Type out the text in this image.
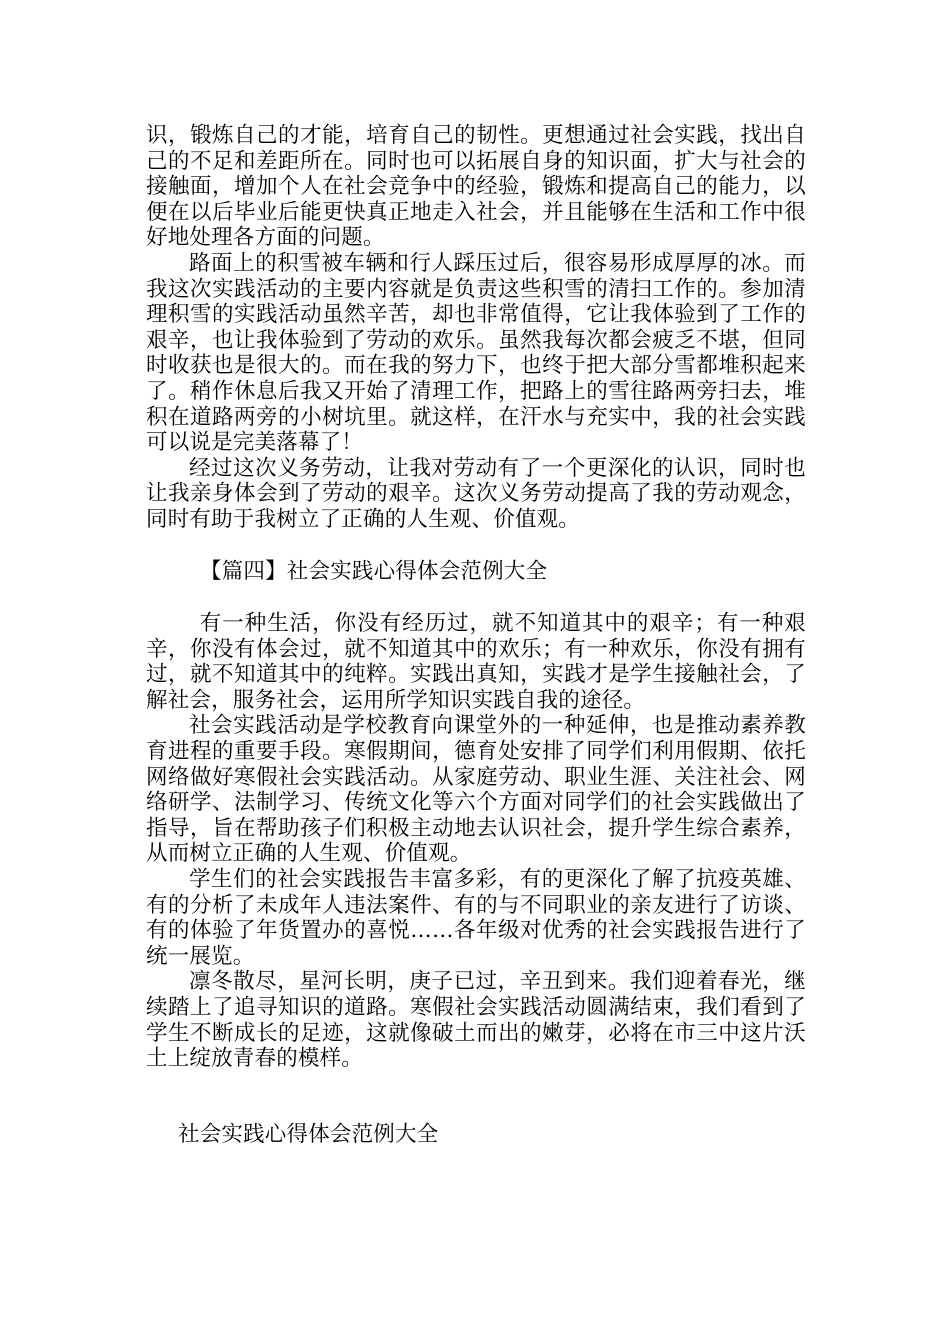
识，锻炼自己的才能，培育自己的韧性。更想通过社会实践，找出自己的不足和差距所在。同时也可以拓展自身的知识面，扩大与社会的接触面，增加个人在社会竞争中的经验，锻炼和提高自己的能力，以便在以后毕业后能更快真正地走入社会，并且能够在生活和工作中很好地处理各方面的问题。

路面上的积雪被车辆和行人踩压过后，很容易形成厚厚的冰。而我这次实践活动的主要内容就是负责这些积雪的清扫工作的。参加清理积雪的实践活动虽然辛苦，却也非常值得，它让我体验到了工作的艰辛，也让我体验到了劳动的欢乐。虽然我每次都会疲乏不堪，但同时收获也是很大的。而在我的努力下，也终于把大部分雪都堆积起来了。稍作休息后我又开始了清理工作，把路上的雪往路两旁扫去，堆积在道路两旁的小树坑里。就这样，在汗水与充实中，我的社会实践可以说是完美落幕了！

经过这次义务劳动，让我对劳动有了一个更深化的认识，同时也让我亲身体会到了劳动的艰辛。这次义务劳动提高了我的劳动观念，同时有助于我树立了正确的人生观、价值观。

【篇四】社会实践心得体会范例大全

有一种生活，你没有经历过，就不知道其中的艰辛；有一种艰辛，你没有体会过，就不知道其中的欢乐；有一种欢乐，你没有拥有过，就不知道其中的纯粹。实践出真知，实践才是学生接触社会，了解社会，服务社会，运用所学知识实践自我的途径。

社会实践活动是学校教育向课堂外的一种延伸，也是推动素养教育进程的重要手段。寒假期间，德育处安排了同学们利用假期、依托网络做好寒假社会实践活动。从家庭劳动、职业生涯、关注社会、网络研学、法制学习、传统文化等六个方面对同学们的社会实践做出了指导，旨在帮助孩子们积极主动地去认识社会，提升学生综合素养，从而树立正确的人生观、价值观。

学生们的社会实践报告丰富多彩，有的更深化了解了抗疫英雄、有的分析了未成年人违法案件、有的与不同职业的亲友进行了访谈、有的体验了年货置办的喜悦……各年级对优秀的社会实践报告进行了统一展览。

凛冬散尽，星河长明，庚子已过，辛丑到来。我们迎着春光，继续踏上了追寻知识的道路。寒假社会实践活动圆满结束，我们看到了学生不断成长的足迹，这就像破土而出的嫩芽，必将在市三中这片沃土上绽放青春的模样。

社会实践心得体会范例大全
